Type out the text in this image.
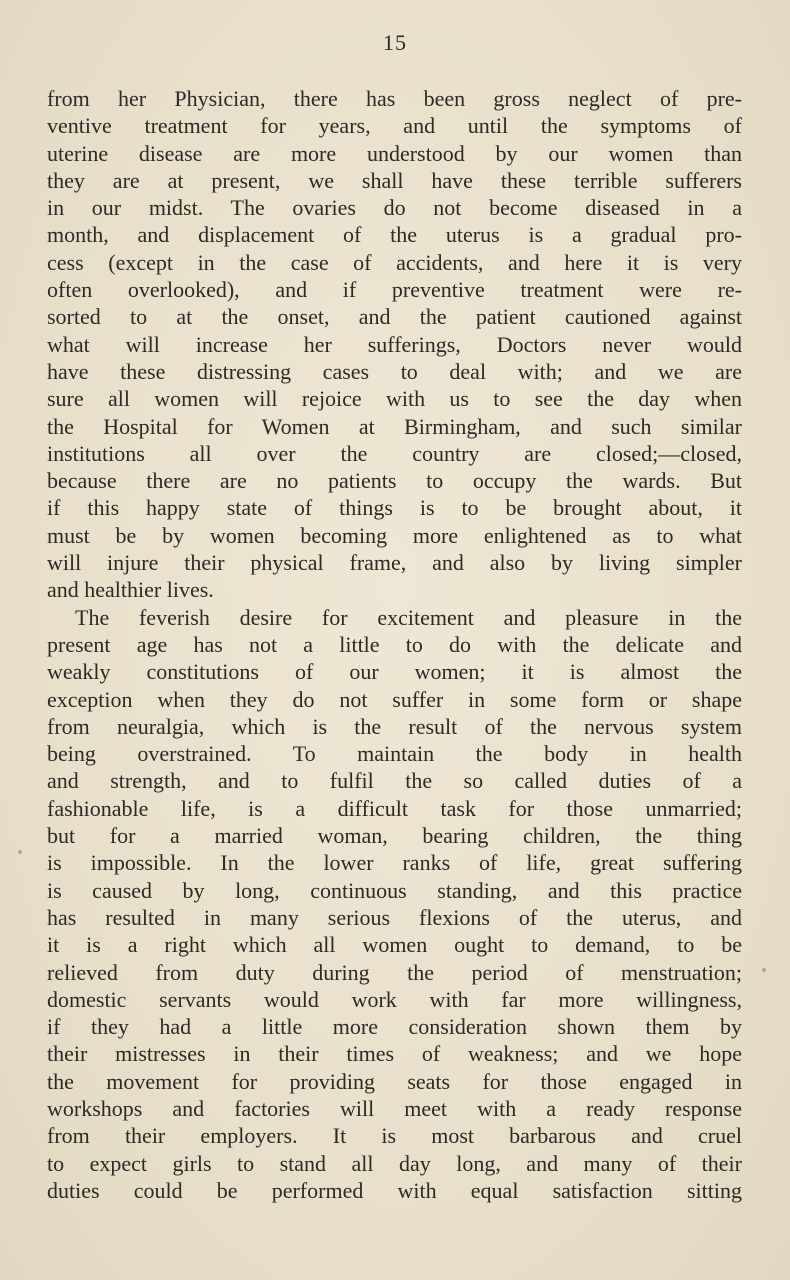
15
from her Physician, there has been gross neglect of pre-
ventive treatment for years, and until the symptoms of
uterine disease are more understood by our women than
they are at present, we shall have these terrible sufferers
in our midst. The ovaries do not become diseased in a
month, and displacement of the uterus is a gradual pro-
cess (except in the case of accidents, and here it is very
often overlooked), and if preventive treatment were re-
sorted to at the onset, and the patient cautioned against
what will increase her sufferings, Doctors never would
have these distressing cases to deal with; and we are
sure all women will rejoice with us to see the day when
the Hospital for Women at Birmingham, and such similar
institutions all over the country are closed;—closed,
because there are no patients to occupy the wards. But
if this happy state of things is to be brought about, it
must be by women becoming more enlightened as to what
will injure their physical frame, and also by living simpler
and healthier lives.
The feverish desire for excitement and pleasure in the
present age has not a little to do with the delicate and
weakly constitutions of our women; it is almost the
exception when they do not suffer in some form or shape
from neuralgia, which is the result of the nervous system
being overstrained. To maintain the body in health
and strength, and to fulfil the so called duties of a
fashionable life, is a difficult task for those unmarried;
but for a married woman, bearing children, the thing
is impossible. In the lower ranks of life, great suffering
is caused by long, continuous standing, and this practice
has resulted in many serious flexions of the uterus, and
it is a right which all women ought to demand, to be
relieved from duty during the period of menstruation;
domestic servants would work with far more willingness,
if they had a little more consideration shown them by
their mistresses in their times of weakness; and we hope
the movement for providing seats for those engaged in
workshops and factories will meet with a ready response
from their employers. It is most barbarous and cruel
to expect girls to stand all day long, and many of their
duties could be performed with equal satisfaction sitting
